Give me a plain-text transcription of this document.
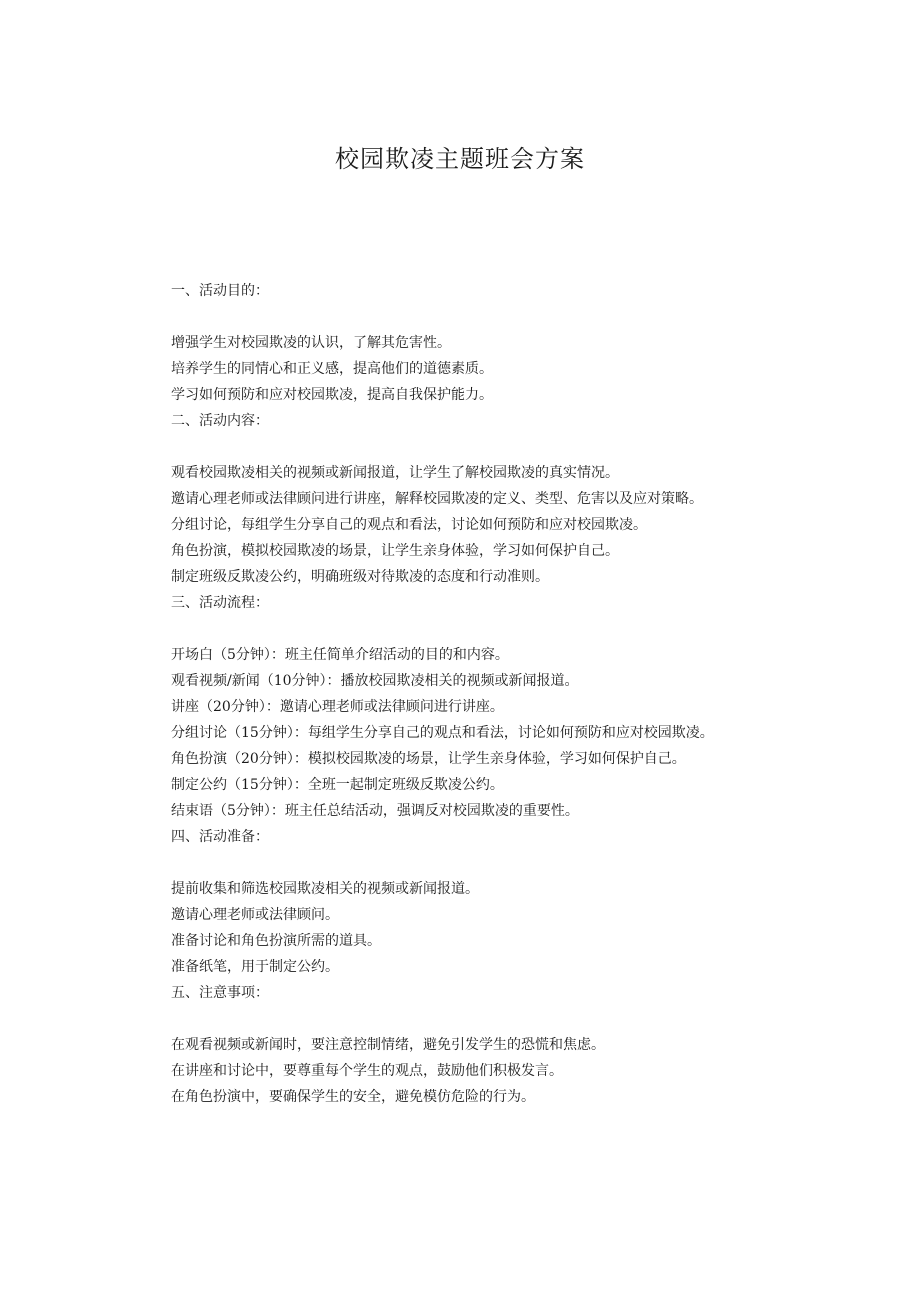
校园欺凌主题班会方案

一、活动目的：

增强学生对校园欺凌的认识，了解其危害性。
培养学生的同情心和正义感，提高他们的道德素质。
学习如何预防和应对校园欺凌，提高自我保护能力。

二、活动内容：

观看校园欺凌相关的视频或新闻报道，让学生了解校园欺凌的真实情况。
邀请心理老师或法律顾问进行讲座，解释校园欺凌的定义、类型、危害以及应对策略。
分组讨论，每组学生分享自己的观点和看法，讨论如何预防和应对校园欺凌。
角色扮演，模拟校园欺凌的场景，让学生亲身体验，学习如何保护自己。
制定班级反欺凌公约，明确班级对待欺凌的态度和行动准则。

三、活动流程：

开场白（5分钟）：班主任简单介绍活动的目的和内容。
观看视频/新闻（10分钟）：播放校园欺凌相关的视频或新闻报道。
讲座（20分钟）：邀请心理老师或法律顾问进行讲座。
分组讨论（15分钟）：每组学生分享自己的观点和看法，讨论如何预防和应对校园欺凌。
角色扮演（20分钟）：模拟校园欺凌的场景，让学生亲身体验，学习如何保护自己。
制定公约（15分钟）：全班一起制定班级反欺凌公约。
结束语（5分钟）：班主任总结活动，强调反对校园欺凌的重要性。

四、活动准备：

提前收集和筛选校园欺凌相关的视频或新闻报道。
邀请心理老师或法律顾问。
准备讨论和角色扮演所需的道具。
准备纸笔，用于制定公约。

五、注意事项：

在观看视频或新闻时，要注意控制情绪，避免引发学生的恐慌和焦虑。
在讲座和讨论中，要尊重每个学生的观点，鼓励他们积极发言。
在角色扮演中，要确保学生的安全，避免模仿危险的行为。
